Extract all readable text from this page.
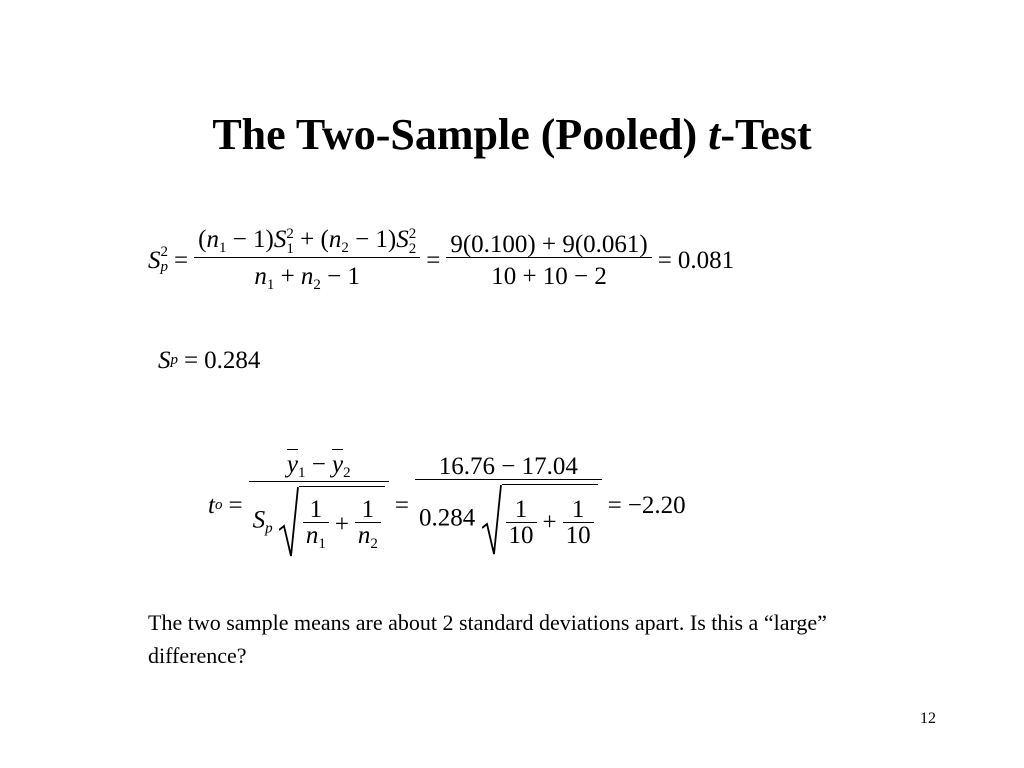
The Two-Sample (Pooled) t-Test
S 2
$p = (n_1 - 1)S$ 2
$1 + (n_2 - 1)S$ 2
2
$n_1 + n_2 - 1 = \frac{9(0.100) + 9(0.061)}{10 + 10 - 2} = 0.081$
S p = 0.284
t o =
$y_1 - y_2$
$S_p \frac{1}{n_1} + \frac{1}{n_2}$ =
16.76 − 17.04
$0.284 \frac{1}{10} + \frac{1}{10} = -2.20$
The two sample means are about 2 standard deviations apart. Is this a “large” difference?
12
